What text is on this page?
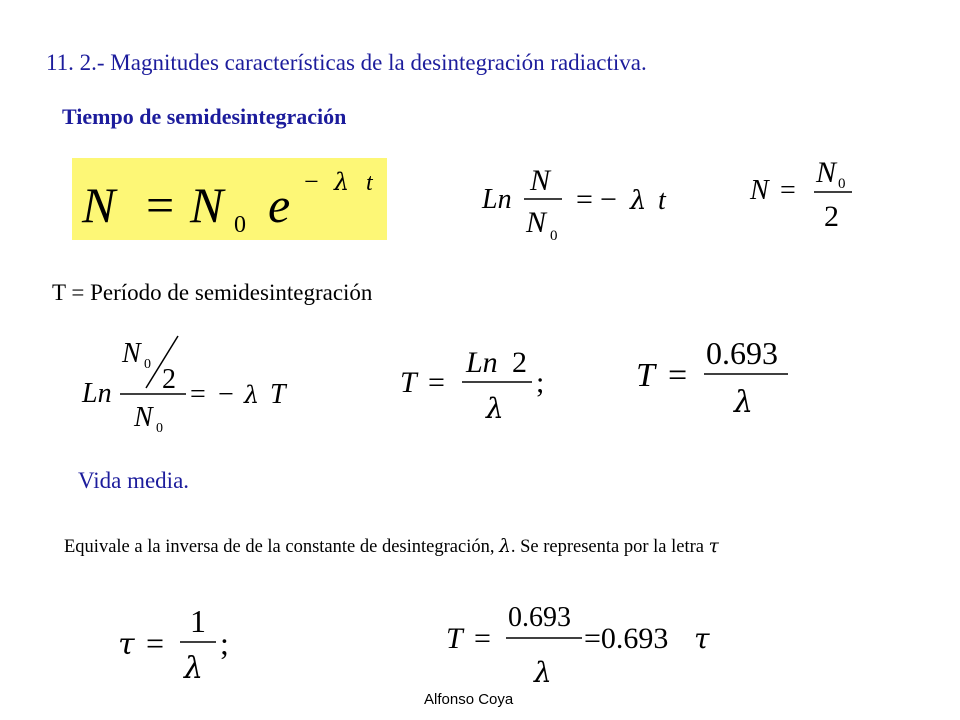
11. 2.- Magnitudes características de la desintegración radiactiva.
Tiempo de semidesintegración
N = N 0 e − λ t
Ln
N
N 0
= − λ t	N =
N 0
2
T = Período de semidesintegración
Ln
N 0 2
N 0
= − λ T	T =
Ln 2
λ
;	T =
0.693
λ
Vida media.
Equivale a la inversa de de la constante de desintegración, λ. Se representa por la letra τ
τ =
1
λ
;	T =
0.693
λ
=0.693 τ
Alfonso Coya
